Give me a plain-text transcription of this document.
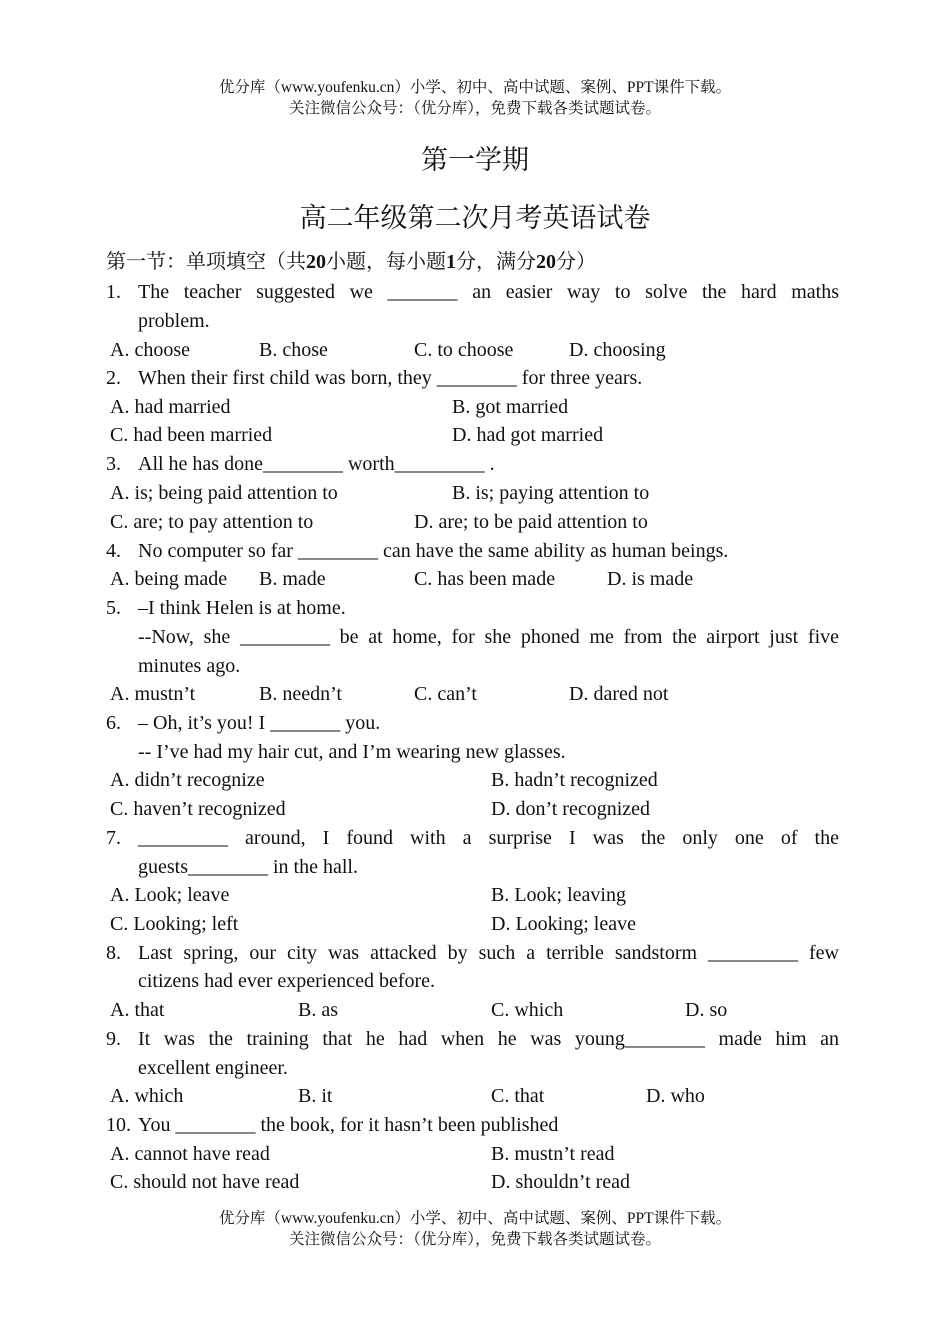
优分库（www.youfenku.cn）小学、初中、高中试题、案例、PPT课件下载。
关注微信公众号：（优分库），免费下载各类试题试卷。
第一学期
高二年级第二次月考英语试卷
第一节：单项填空（共20小题，每小题1分，满分20分）
1. The teacher suggested we _______ an easier way to solve the hard maths
problem.
A. choose	B. chose	C. to choose	D. choosing
2. When their first child was born, they ________ for three years.
A. had married	B. got married
C. had been married	D. had got married
3. All he has done________ worth_________ .
A. is; being paid attention to	B. is; paying attention to
C. are; to pay attention to	D. are; to be paid attention to
4. No computer so far ________ can have the same ability as human beings.
A. being made B. made	C. has been made	D. is made
5. –I think Helen is at home.
--Now, she _________ be at home, for she phoned me from the airport just five
minutes ago.
A. mustn’t	B. needn’t	C. can’t	D. dared not
6. – Oh, it’s you! I _______ you.
-- I’ve had my hair cut, and I’m wearing new glasses.
A. didn’t recognize	B. hadn’t recognized
C. haven’t recognized	D. don’t recognized
7. _________ around, I found with a surprise I was the only one of the
guests________ in the hall.
A. Look; leave	B. Look; leaving
C. Looking; left	D. Looking; leave
8. Last spring, our city was attacked by such a terrible sandstorm _________ few
citizens had ever experienced before.
A. that	B. as	C. which	D. so
9. It was the training that he had when he was young________ made him an
excellent engineer.
A. which	B. it	C. that	D. who
10. You ________ the book, for it hasn’t been published
A. cannot have read	B. mustn’t read
C. should not have read	D. shouldn’t read
优分库（www.youfenku.cn）小学、初中、高中试题、案例、PPT课件下载。
关注微信公众号：（优分库），免费下载各类试题试卷。
